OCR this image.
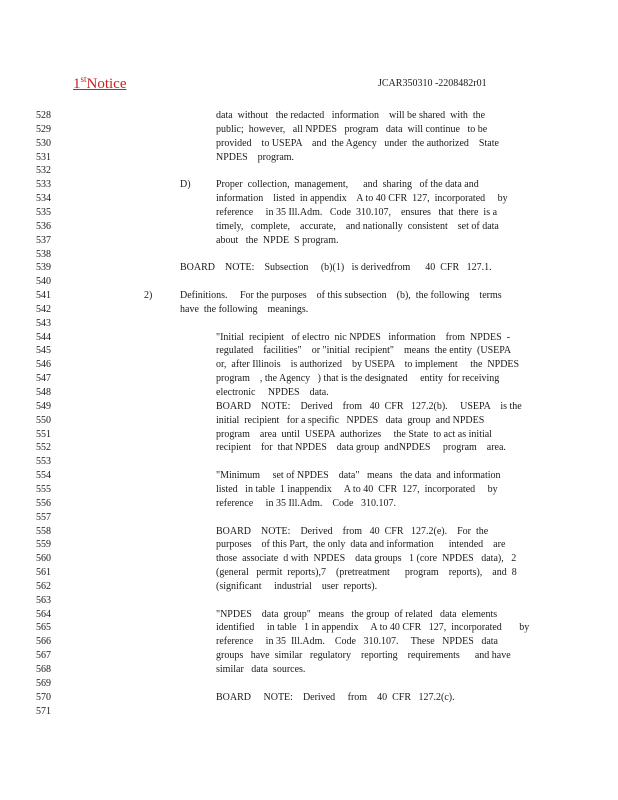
1stNotice	JCAR350310 -2208482r01
528	data  without   the redacted   information    will be shared  with  the
529	public;  however,   all NPDES   program   data  will continue   to be
530	provided    to USEPA    and  the Agency   under  the authorized    State
531	NPDES    program.
532
533	D)	Proper  collection,  management,      and  sharing   of the data and
534	information    listed  in appendix    A to 40 CFR  127,  incorporated     by
535	reference     in 35 Ill.Adm.   Code  310.107,    ensures   that  there  is a
536	timely,   complete,    accurate,    and nationally  consistent    set of data
537	about   the  NPDE  S program.
538
539	BOARD    NOTE:    Subsection     (b)(1)   is derivedfrom      40  CFR   127.1.
540
541	2)	Definitions.     For the purposes    of this subsection    (b),  the following    terms
542	have  the following    meanings.
543
544	"Initial  recipient   of electro  nic NPDES   information    from  NPDES  -
545	regulated    facilities"    or "initial  recipient"    means  the entity  (USEPA
546	or,  after Illinois    is authorized    by USEPA    to implement     the  NPDES
547	program    , the Agency   ) that is the designated     entity  for receiving
548	electronic     NPDES    data.
549	BOARD    NOTE:    Derived    from   40  CFR   127.2(b).     USEPA    is the
550	initial  recipient   for a specific   NPDES   data  group  and NPDES
551	program    area  until  USEPA  authorizes     the State  to act as initial
552	recipient    for  that NPDES    data group  andNPDES     program    area.
553
554	"Minimum     set of NPDES    data"   means   the data  and information
555	listed   in table  1 inappendix     A to 40  CFR  127,  incorporated     by
556	reference     in 35 Ill.Adm.    Code   310.107.
557
558	BOARD    NOTE:    Derived    from   40  CFR   127.2(e).    For  the
559	purposes    of this Part,  the only  data and information      intended    are
560	those  associate  d with  NPDES    data groups   1 (core  NPDES   data),   2
561	(general   permit  reports),7    (pretreatment      program    reports),    and  8
562	(significant     industrial    user  reports).
563
564	"NPDES    data  group"   means   the group  of related   data  elements
565	identified     in table   1 in appendix     A to 40 CFR   127,  incorporated       by
566	reference     in 35  Ill.Adm.    Code   310.107.     These   NPDES   data
567	groups   have  similar   regulatory    reporting    requirements      and have
568	similar   data  sources.
569
570	BOARD     NOTE:    Derived     from    40  CFR   127.2(c).
571
